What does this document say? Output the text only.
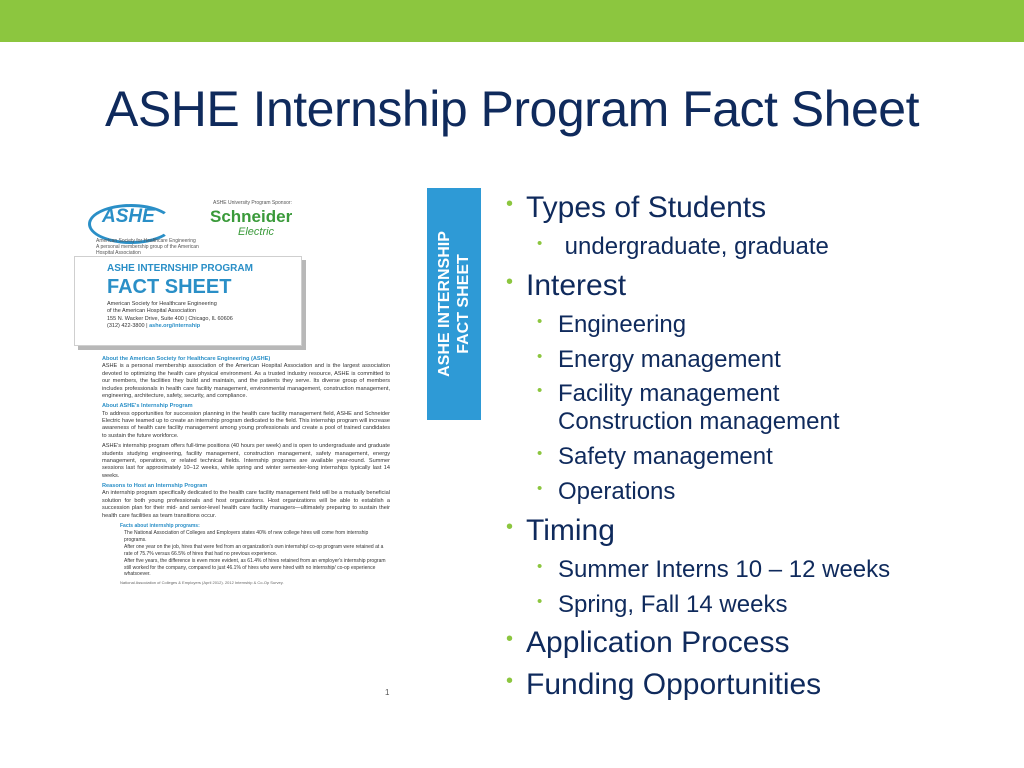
ASHE Internship Program Fact Sheet
ASHE
American Society for Healthcare Engineering
A personal membership group of the American Hospital Association
ASHE University Program Sponsor:
Schneider
Electric
ASHE INTERNSHIP PROGRAM
FACT SHEET
American Society for Healthcare Engineering
of the American Hospital Association
155 N. Wacker Drive, Suite 400 | Chicago, IL 60606
(312) 422-3800 | ashe.org/internship
About the American Society for Healthcare Engineering (ASHE)

ASHE is a personal membership association of the American Hospital Association and is the largest association devoted to optimizing the health care physical environment. As a trusted industry resource, ASHE is committed to our members, the facilities they build and maintain, and the patients they serve. Its diverse group of members includes professionals in health care facility management, environmental management, construction management, engineering, architecture, safety, security, and compliance.

About ASHE's Internship Program

To address opportunities for succession planning in the health care facility management field, ASHE and Schneider Electric have teamed up to create an internship program dedicated to the field. This internship program will increase awareness of health care facility management among young professionals and create a pool of trained candidates to sustain the future workforce.

ASHE's internship program offers full-time positions (40 hours per week) and is open to undergraduate and graduate students studying engineering, facility management, construction management, safety management, energy management, operations, or related technical fields. Internship programs are available year-round. Summer sessions last for approximately 10–12 weeks, while spring and winter semester-long internships typically last 14 weeks.

Reasons to Host an Internship Program

An internship program specifically dedicated to the health care facility management field will be a mutually beneficial solution for both young professionals and host organizations. Host organizations will be able to establish a succession plan for their mid- and senior-level health care facility managers—ultimately preparing to sustain their health care facilities as team transitions occur.

Facts about internship programs:
The National Association of Colleges and Employers states 40% of new college hires will come from internship programs.
After one year on the job, hires that were fed from an organization's own internship/ co-op program were retained at a rate of 75.7% versus 66.5% of hires that had no previous experience.
After five years, the difference is even more evident, as 61.4% of hires retained from an employer's internship program still worked for the company, compared to just 46.1% of hires who were hired with no internship/ co-op experience whatsoever.
National Association of Colleges & Employers (April 2012). 2012 Internship & Co-Op Survey.
1
ASHE INTERNSHIP FACT SHEET
• Types of Students
• undergraduate, graduate
• Interest
• Engineering
• Energy management
• Facility management
Construction management
• Safety management
• Operations
• Timing
• Summer Interns 10 – 12 weeks
• Spring, Fall 14 weeks
• Application Process
• Funding Opportunities
